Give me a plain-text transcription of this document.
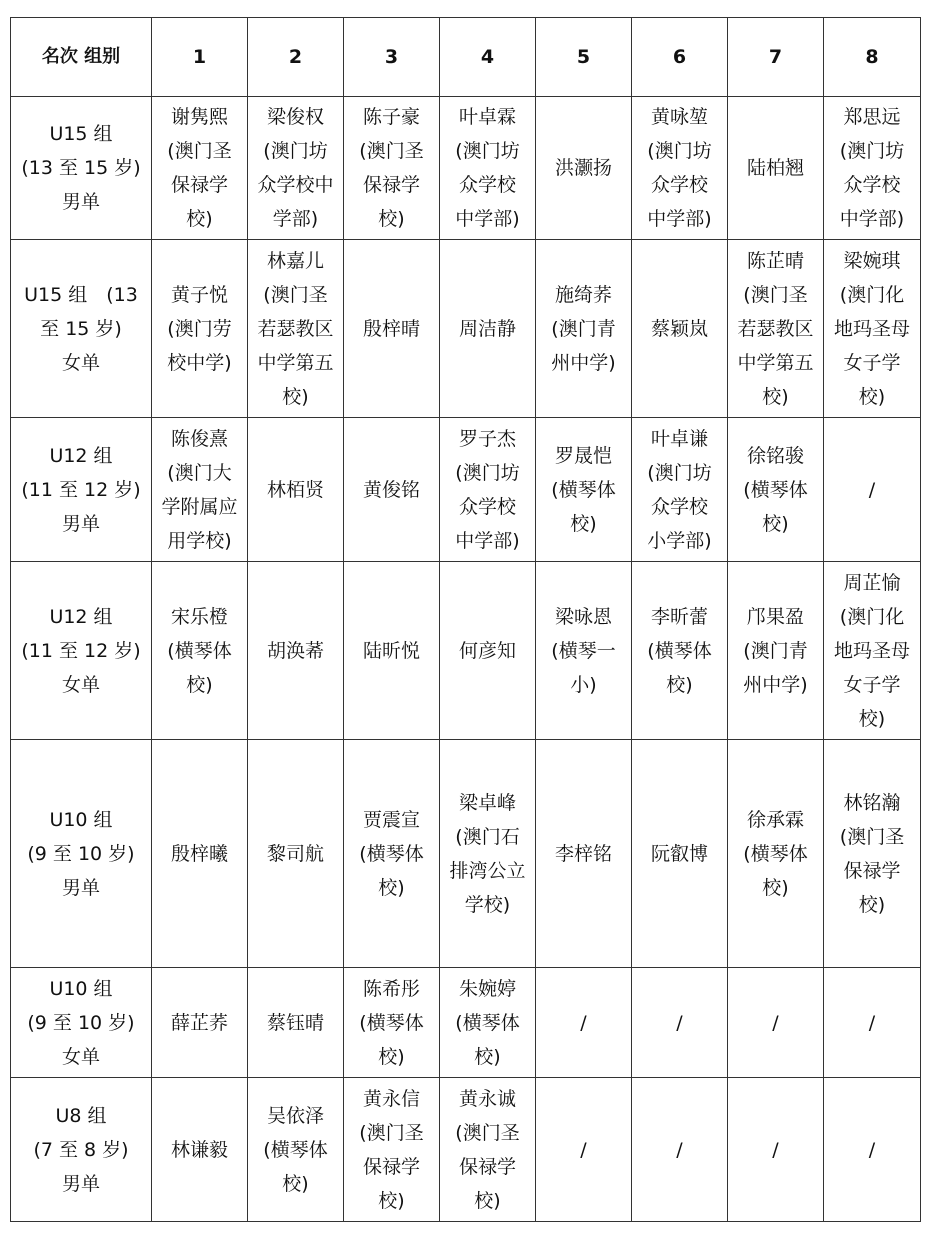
名次 组别	1	2	3	4	5	6	7	8

U15 组
(13 至 15 岁)
男单	谢隽熙
(澳门圣
保禄学
校)	梁俊权
(澳门坊
众学校中
学部)	陈子豪
(澳门圣
保禄学
校)	叶卓霖
(澳门坊
众学校
中学部)	洪灏扬	黄咏堃
(澳门坊
众学校
中学部)	陆柏翘	郑思远
(澳门坊
众学校
中学部)

U15 组　(13
至 15 岁)
女单	黄子悦
(澳门劳
校中学)	林嘉儿
(澳门圣
若瑟教区
中学第五
校)	殷梓晴	周洁静	施绮荞
(澳门青
州中学)	蔡颖岚	陈芷晴
(澳门圣
若瑟教区
中学第五
校)	梁婉琪
(澳门化
地玛圣母
女子学
校)

U12 组
(11 至 12 岁)
男单	陈俊熹
(澳门大
学附属应
用学校)	林栢贤	黄俊铭	罗子杰
(澳门坊
众学校
中学部)	罗晟恺
(横琴体
校)	叶卓谦
(澳门坊
众学校
小学部)	徐铭骏
(横琴体
校)	/

U12 组
(11 至 12 岁)
女单	宋乐橙
(横琴体
校)	胡涣莃	陆昕悦	何彦知	梁咏恩
(横琴一
小)	李昕蕾
(横琴体
校)	邝果盈
(澳门青
州中学)	周芷愉
(澳门化
地玛圣母
女子学
校)

U10 组
(9 至 10 岁)
男单	殷梓曦	黎司航	贾震宣
(横琴体
校)	梁卓峰
(澳门石
排湾公立
学校)	李梓铭	阮叡博	徐承霖
(横琴体
校)	林铭瀚
(澳门圣
保禄学
校)

U10 组
(9 至 10 岁)
女单	薛芷荞	蔡钰晴	陈希彤
(横琴体
校)	朱婉婷
(横琴体
校)	/	/	/	/

U8 组
(7 至 8 岁)
男单	林谦毅	吴依泽
(横琴体
校)	黄永信
(澳门圣
保禄学
校)	黄永诚
(澳门圣
保禄学
校)	/	/	/	/
